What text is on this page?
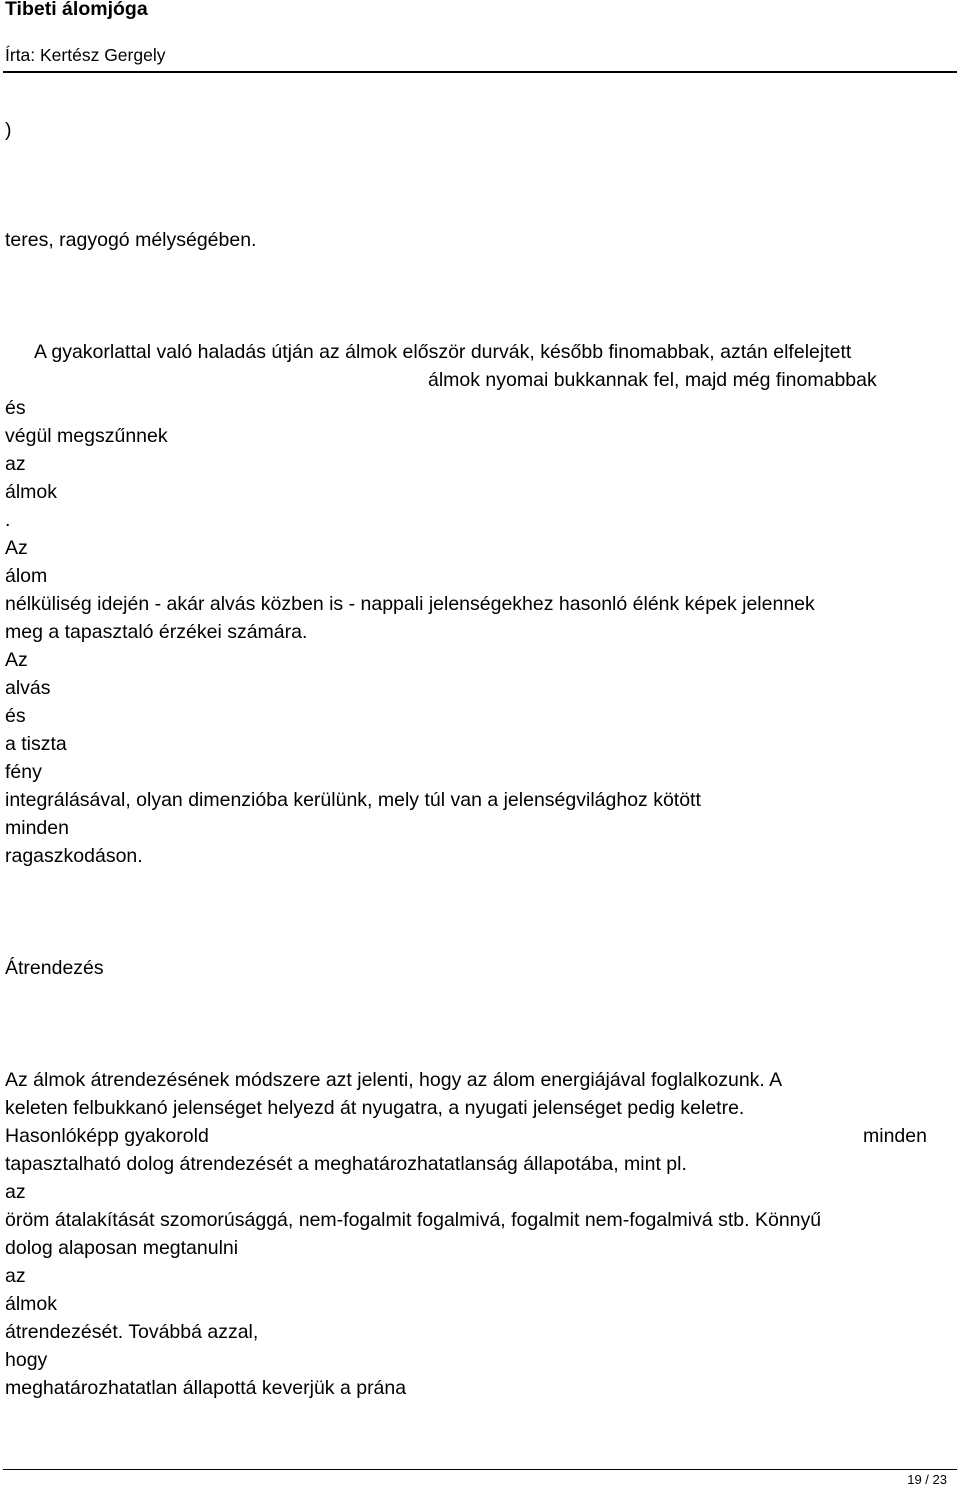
Tibeti álomjóga
Írta: Kertész Gergely
)
teres, ragyogó mélységében.
A gyakorlattal való haladás útján az álmok először durvák, később finomabbak, aztán elfelejtett
álmok nyomai bukkannak fel, majd még finomabbak
és
végül megszűnnek
az
álmok
.
Az
álom
nélküliség idején - akár alvás közben is - nappali jelenségekhez hasonló élénk képek jelennek
meg a tapasztaló érzékei számára.
Az
alvás
és
a tiszta
fény
integrálásával, olyan dimenzióba kerülünk, mely túl van a jelenségvilághoz kötött
minden
ragaszkodáson.
Átrendezés
Az álmok átrendezésének módszere azt jelenti, hogy az álom energiájával foglalkozunk. A
keleten felbukkanó jelenséget helyezd át nyugatra, a nyugati jelenséget pedig keletre.
Hasonlóképp gyakorold	minden
tapasztalható dolog átrendezését a meghatározhatatlanság állapotába, mint pl.
az
öröm átalakítását szomorúsággá, nem-fogalmit fogalmivá, fogalmit nem-fogalmivá stb. Könnyű
dolog alaposan megtanulni
az
álmok
átrendezését. Továbbá azzal,
hogy
meghatározhatatlan állapottá keverjük a prána
19 / 23
